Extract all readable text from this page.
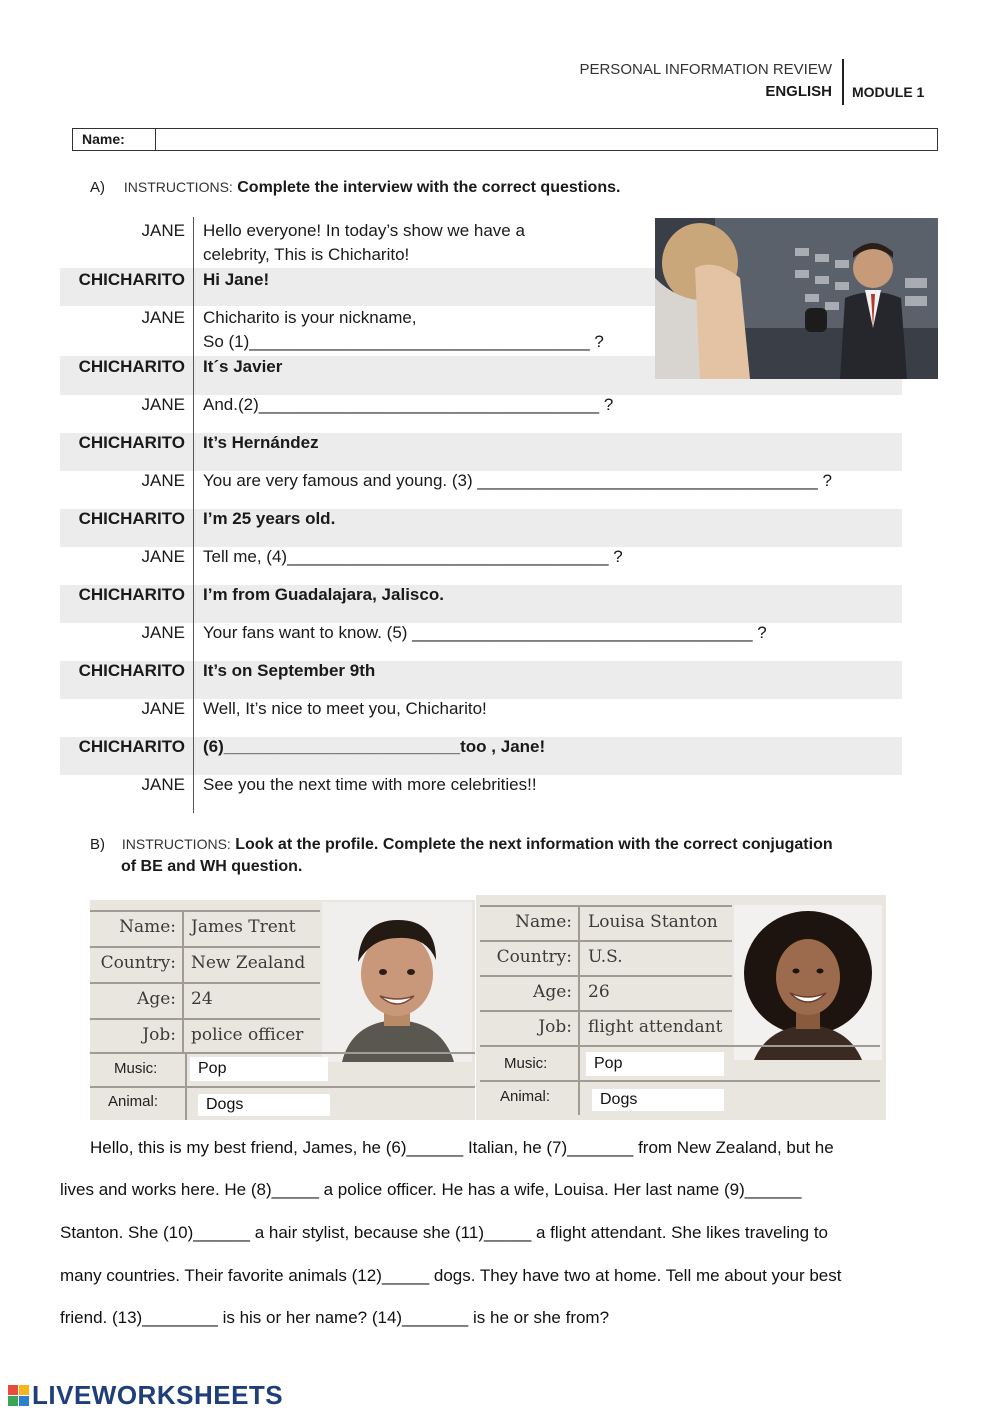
PERSONAL INFORMATION REVIEW
ENGLISH MODULE 1
Name:
A) INSTRUCTIONS: Complete the interview with the correct questions.
JANE Hello everyone! In today’s show we have a
celebrity, This is Chicharito!
CHICHARITO Hi Jane!
JANE Chicharito is your nickname,
So (1)____________________________________ ?
CHICHARITO It´s Javier
JANE And.(2)____________________________________ ?
CHICHARITO It’s Hernández
JANE You are very famous and young. (3) ____________________________________ ?
CHICHARITO I’m 25 years old.
JANE Tell me, (4)__________________________________ ?
CHICHARITO I’m from Guadalajara, Jalisco.
JANE Your fans want to know. (5) ____________________________________ ?
CHICHARITO It’s on September 9th
JANE Well, It’s nice to meet you, Chicharito!
CHICHARITO (6)_________________________too , Jane!
JANE See you the next time with more celebrities!!
B) INSTRUCTIONS: Look at the profile. Complete the next information with the correct conjugation
of BE and WH question.
Name: James Trent
Country: New Zealand
Age: 24
Job: police officer
Music:	Pop
Animal:	Dogs
Name: Louisa Stanton
Country: U.S.
Age: 26
Job: flight attendant
Music:	Pop
Animal:	Dogs
Hello, this is my best friend, James, he (6)______ Italian, he (7)_______ from New Zealand, but he
lives and works here. He (8)_____ a police officer. He has a wife, Louisa. Her last name (9)______
Stanton. She (10)______ a hair stylist, because she (11)_____ a flight attendant. She likes traveling to
many countries. Their favorite animals (12)_____ dogs. They have two at home. Tell me about your best
friend. (13)________ is his or her name? (14)_______ is he or she from?
LIVEWORKSHEETS
